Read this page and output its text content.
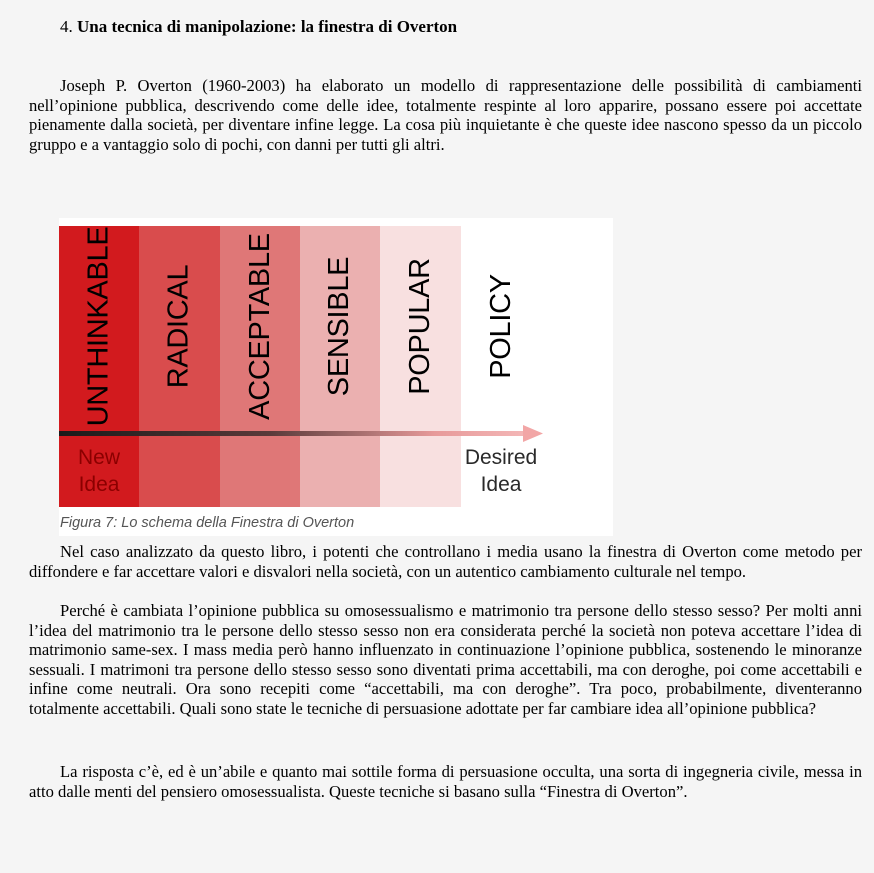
4. Una tecnica di manipolazione: la finestra di Overton

Joseph P. Overton (1960-2003) ha elaborato un modello di rappresentazione delle possibilità di cambiamenti nell’opinione pubblica, descrivendo come delle idee, totalmente respinte al loro apparire, possano essere poi accettate pienamente dalla società, per diventare infine legge. La cosa più inquietante è che queste idee nascono spesso da un piccolo gruppo e a vantaggio solo di pochi, con danni per tutti gli altri.

UNTHINKABLE RADICAL ACCEPTABLE SENSIBLE POPULAR POLICY
New
Idea
Desired
Idea
Figura 7: Lo schema della Finestra di Overton

Nel caso analizzato da questo libro, i potenti che controllano i media usano la finestra di Overton come metodo per diffondere e far accettare valori e disvalori nella società, con un autentico cambiamento culturale nel tempo.

Perché è cambiata l’opinione pubblica su omosessualismo e matrimonio tra persone dello stesso sesso? Per molti anni l’idea del matrimonio tra le persone dello stesso sesso non era considerata perché la società non poteva accettare l’idea di matrimonio same-sex. I mass media però hanno influenzato in continuazione l’opinione pubblica, sostenendo le minoranze sessuali. I matrimoni tra persone dello stesso sesso sono diventati prima accettabili, ma con deroghe, poi come accettabili e infine come neutrali. Ora sono recepiti come “accettabili, ma con deroghe”. Tra poco, probabilmente, diventeranno totalmente accettabili. Quali sono state le tecniche di persuasione adottate per far cambiare idea all’opinione pubblica?

La risposta c’è, ed è un’abile e quanto mai sottile forma di persuasione occulta, una sorta di ingegneria civile, messa in atto dalle menti del pensiero omosessualista. Queste tecniche si basano sulla “Finestra di Overton”.
